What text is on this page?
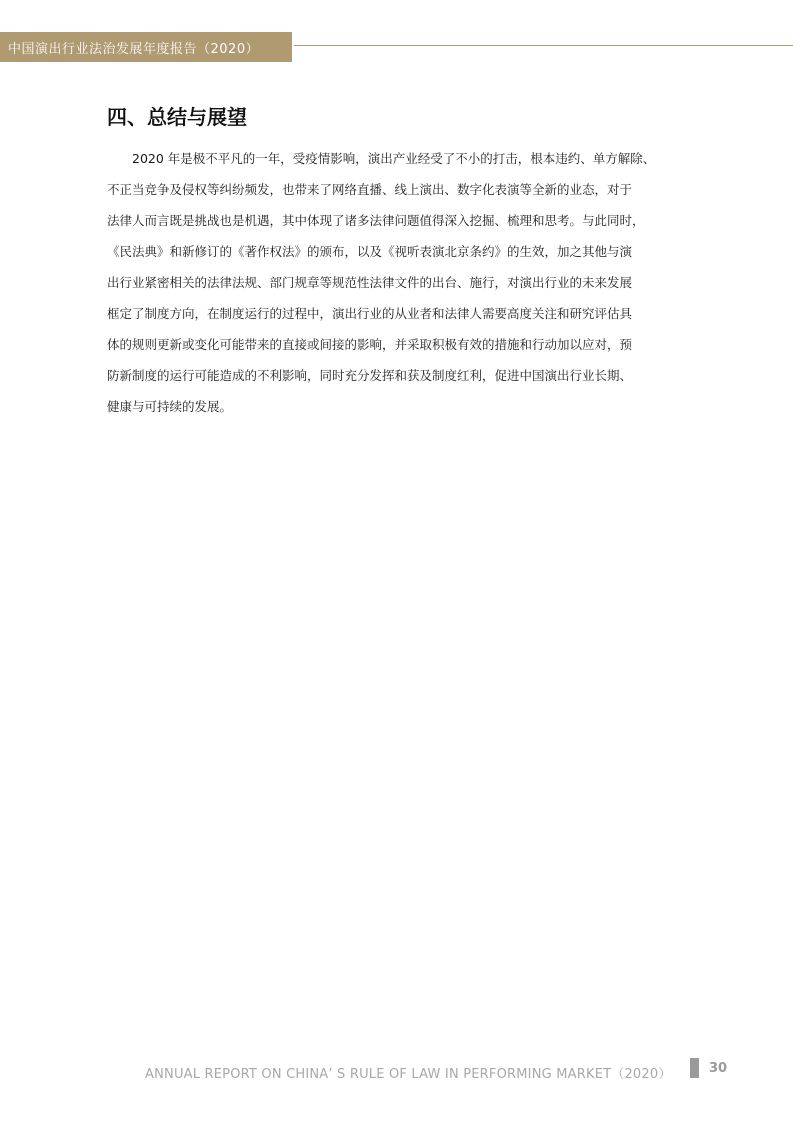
中国演出行业法治发展年度报告（2020）
四、总结与展望
　　2020 年是极不平凡的一年，受疫情影响，演出产业经受了不小的打击，根本违约、单方解除、
不正当竞争及侵权等纠纷频发，也带来了网络直播、线上演出、数字化表演等全新的业态，对于
法律人而言既是挑战也是机遇，其中体现了诸多法律问题值得深入挖掘、梳理和思考。与此同时，
《民法典》和新修订的《著作权法》的颁布，以及《视听表演北京条约》的生效，加之其他与演
出行业紧密相关的法律法规、部门规章等规范性法律文件的出台、施行，对演出行业的未来发展
框定了制度方向，在制度运行的过程中，演出行业的从业者和法律人需要高度关注和研究评估具
体的规则更新或变化可能带来的直接或间接的影响，并采取积极有效的措施和行动加以应对，预
防新制度的运行可能造成的不利影响，同时充分发挥和获及制度红利，促进中国演出行业长期、
健康与可持续的发展。
ANNUAL REPORT ON CHINA’ S RULE OF LAW IN PERFORMING MARKET（2020）	30
